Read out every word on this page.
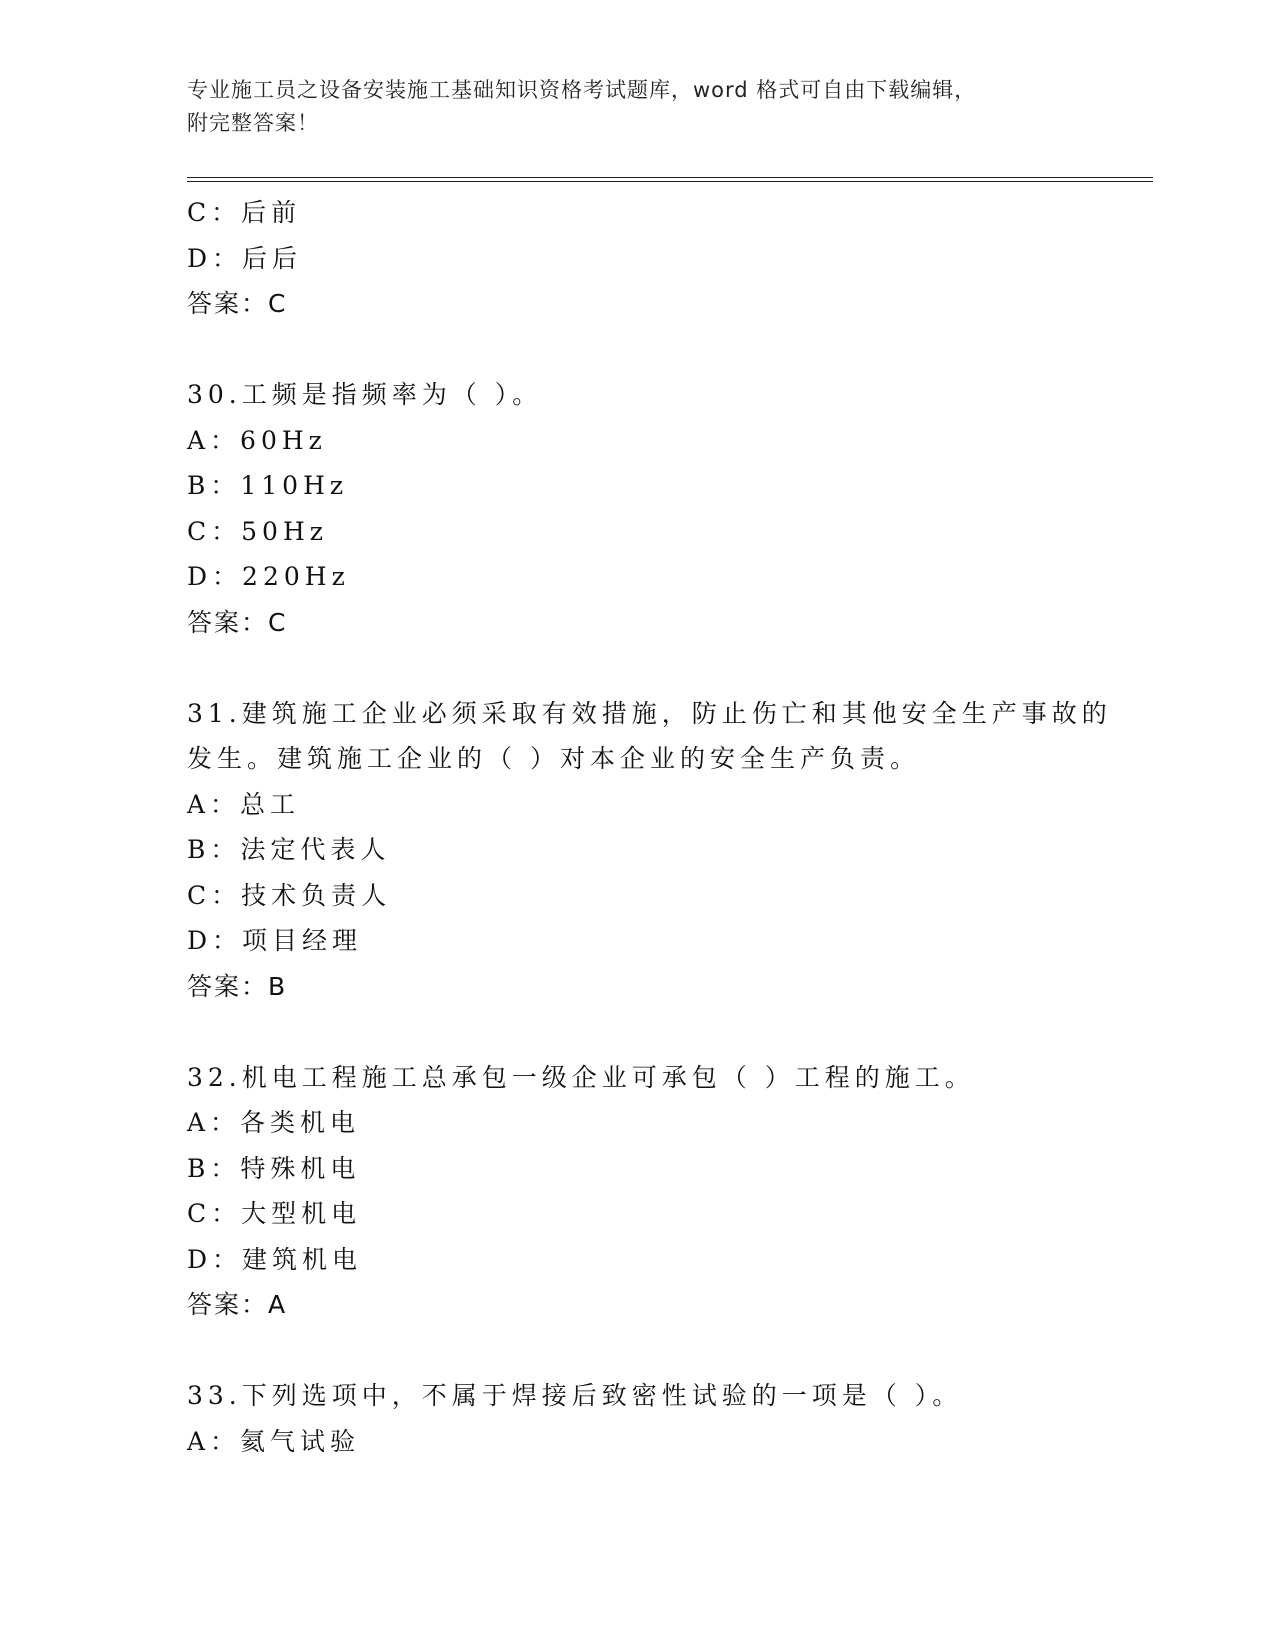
专业施工员之设备安装施工基础知识资格考试题库，word 格式可自由下载编辑，
附完整答案！
C：后前
D：后后
答案：C
30.工频是指频率为（ ）。
A：60Hz
B：110Hz
C：50Hz
D：220Hz
答案：C
31.建筑施工企业必须采取有效措施，防止伤亡和其他安全生产事故的
发生。建筑施工企业的（ ）对本企业的安全生产负责。
A：总工
B：法定代表人
C：技术负责人
D：项目经理
答案：B
32.机电工程施工总承包一级企业可承包（ ）工程的施工。
A：各类机电
B：特殊机电
C：大型机电
D：建筑机电
答案：A
33.下列选项中，不属于焊接后致密性试验的一项是（ ）。
A：氦气试验
